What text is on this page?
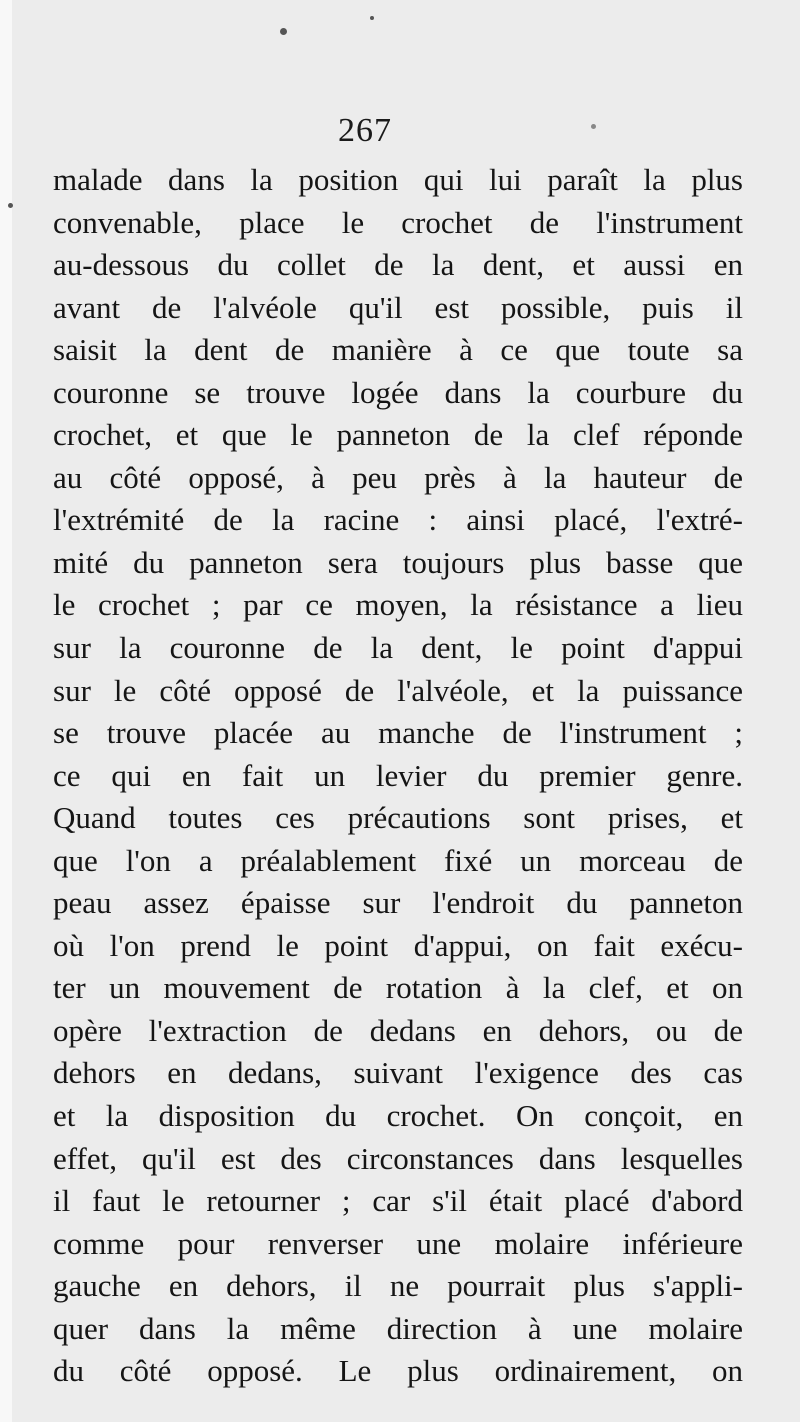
267
malade dans la position qui lui paraît la plus
convenable, place le crochet de l'instrument
au-dessous du collet de la dent, et aussi en
avant de l'alvéole qu'il est possible, puis il
saisit la dent de manière à ce que toute sa
couronne se trouve logée dans la courbure du
crochet, et que le panneton de la clef réponde
au côté opposé, à peu près à la hauteur de
l'extrémité de la racine : ainsi placé, l'extré-
mité du panneton sera toujours plus basse que
le crochet ; par ce moyen, la résistance a lieu
sur la couronne de la dent, le point d'appui
sur le côté opposé de l'alvéole, et la puissance
se trouve placée au manche de l'instrument ;
ce qui en fait un levier du premier genre.
Quand toutes ces précautions sont prises, et
que l'on a préalablement fixé un morceau de
peau assez épaisse sur l'endroit du panneton
où l'on prend le point d'appui, on fait exécu-
ter un mouvement de rotation à la clef, et on
opère l'extraction de dedans en dehors, ou de
dehors en dedans, suivant l'exigence des cas
et la disposition du crochet. On conçoit, en
effet, qu'il est des circonstances dans lesquelles
il faut le retourner ; car s'il était placé d'abord
comme pour renverser une molaire inférieure
gauche en dehors, il ne pourrait plus s'appli-
quer dans la même direction à une molaire
du côté opposé. Le plus ordinairement, on
